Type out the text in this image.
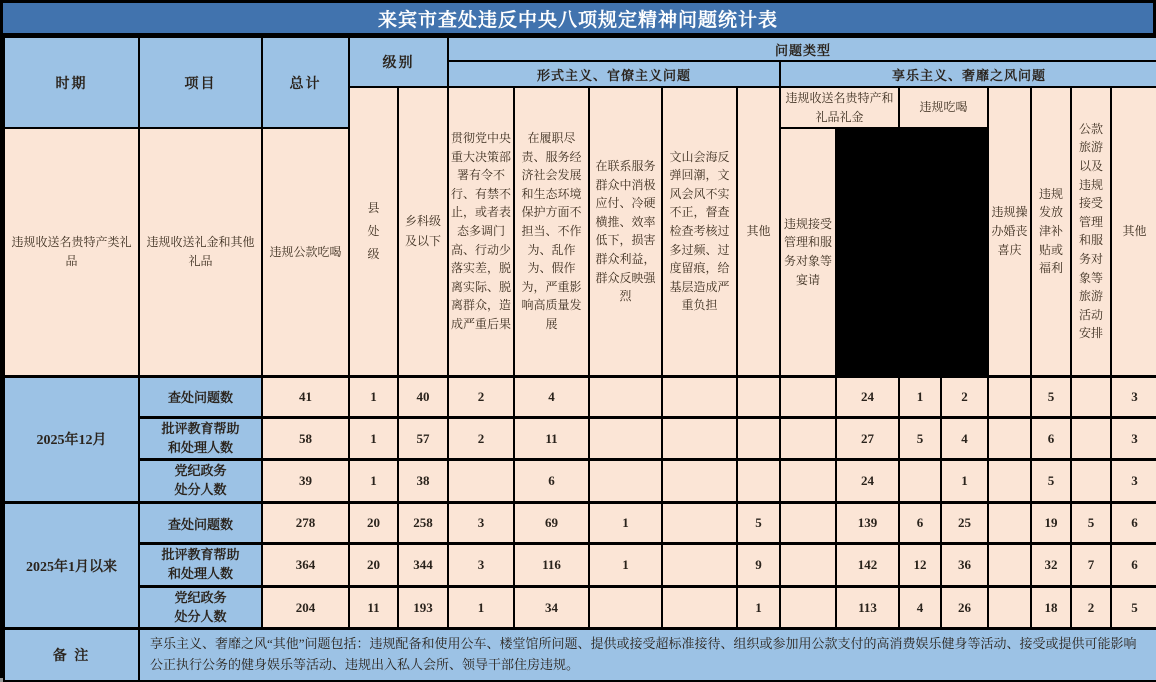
来宾市查处违反中央八项规定精神问题统计表
时期	项目	总计	级别		问题类型												
					形式主义、官僚主义问题					享乐主义、奢靡之风问题							
			县处级	乡科级及以下	贯彻党中央重大决策部署有令不行、有禁不止，或者表态多调门高、行动少落实差，脱离实际、脱离群众，造成严重后果	在履职尽责、服务经济社会发展和生态环境保护方面不担当、不作为、乱作为、假作为，严重影响高质量发展	在联系服务群众中消极应付、冷硬横推、效率低下，损害群众利益，群众反映强烈	文山会海反弹回潮，文风会风不实不正，督查检查考核过多过频、过度留痕，给基层造成严重负担	其他	违规收送名贵特产和礼品礼金		违规吃喝		违规操办婚丧喜庆	违规发放津补贴或福利	公款旅游以及违规接受管理和服务对象等旅游活动安排	其他
违规收送名贵特产类礼品	违规收送礼金和其他礼品	违规公款吃喝								违规接受管理和服务对象等宴请							
2025年12月	查处问题数	41	1	40	2	4					24	1	2		5		3
	批评教育帮助和处理人数	58	1	57	2	11					27	5	4		6		3
	党纪政务处分人数	39	1	38		6					24		1		5		3
2025年1月以来	查处问题数	278	20	258	3	69	1		5		139	6	25		19	5	6
	批评教育帮助和处理人数	364	20	344	3	116	1		9		142	12	36		32	7	6
	党纪政务处分人数	204	11	193	1	34			1		113	4	26		18	2	5
备 注	享乐主义、奢靡之风“其他”问题包括：违规配备和使用公车、楼堂馆所问题、提供或接受超标准接待、组织或参加用公款支付的高消费娱乐健身等活动、接受或提供可能影响公正执行公务的健身娱乐等活动、违规出入私人会所、领导干部住房违规。																
